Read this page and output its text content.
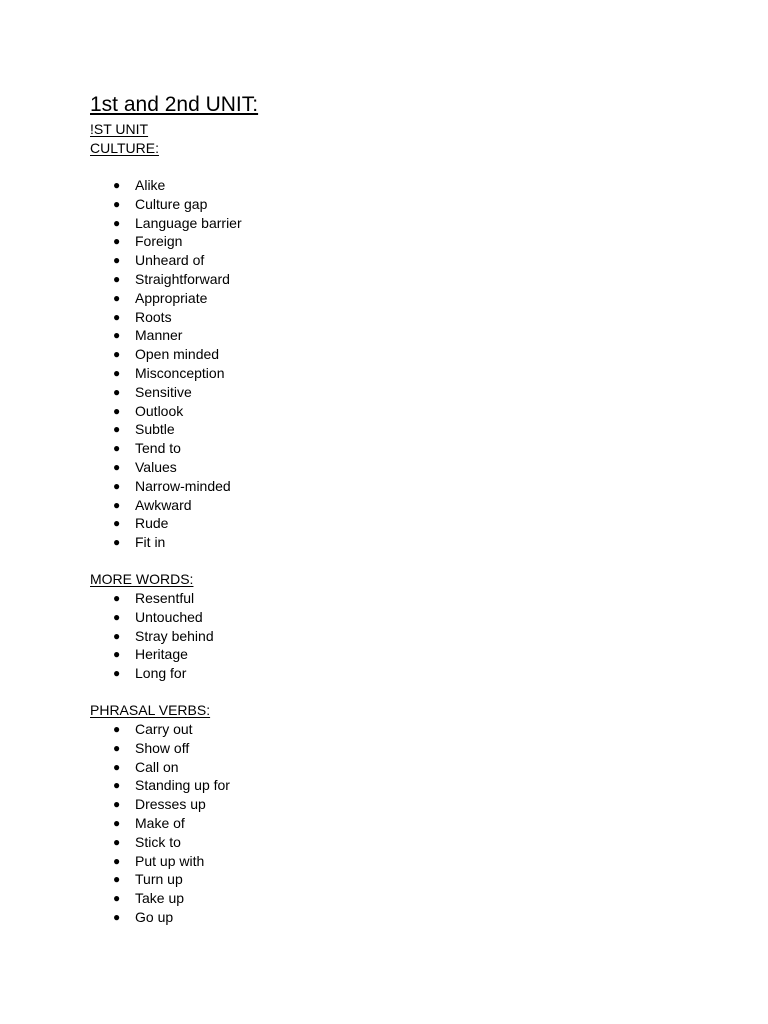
1st and 2nd UNIT:
!ST UNIT
CULTURE:
● Alike
● Culture gap
● Language barrier
● Foreign
● Unheard of
● Straightforward
● Appropriate
● Roots
● Manner
● Open minded
● Misconception
● Sensitive
● Outlook
● Subtle
● Tend to
● Values
● Narrow-minded
● Awkward
● Rude
● Fit in
MORE WORDS:
● Resentful
● Untouched
● Stray behind
● Heritage
● Long for
PHRASAL VERBS:
● Carry out
● Show off
● Call on
● Standing up for
● Dresses up
● Make of
● Stick to
● Put up with
● Turn up
● Take up
● Go up
